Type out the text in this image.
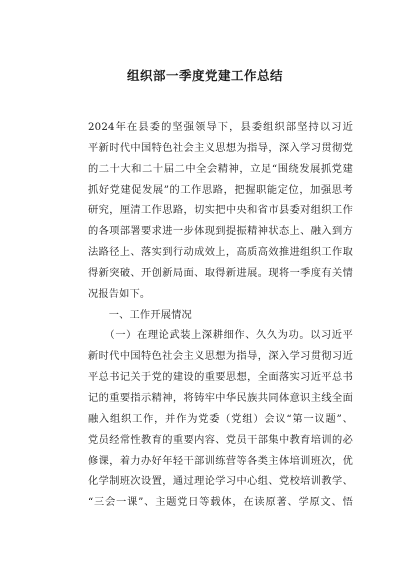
组织部一季度党建工作总结
2024年在县委的坚强领导下，县委组织部坚持以习近
平新时代中国特色社会主义思想为指导，深入学习贯彻党
的二十大和二十届二中全会精神，立足“围绕发展抓党建
抓好党建促发展”的工作思路，把握职能定位，加强思考
研究，厘清工作思路，切实把中央和省市县委对组织工作
的各项部署要求进一步体现到提振精神状态上、融入到方
法路径上、落实到行动成效上，高质高效推进组织工作取
得新突破、开创新局面、取得新进展。现将一季度有关情
况报告如下。
　　一、工作开展情况
　　（一）在理论武装上深耕细作、久久为功。以习近平
新时代中国特色社会主义思想为指导，深入学习贯彻习近
平总书记关于党的建设的重要思想，全面落实习近平总书
记的重要指示精神，将铸牢中华民族共同体意识主线全面
融入组织工作，并作为党委（党组）会议“第一议题”、
党员经常性教育的重要内容、党员干部集中教育培训的必
修课，着力办好年轻干部训练营等各类主体培训班次，优
化学制班次设置，通过理论学习中心组、党校培训教学、
“三会一课”、主题党日等载体，在读原著、学原文、悟
